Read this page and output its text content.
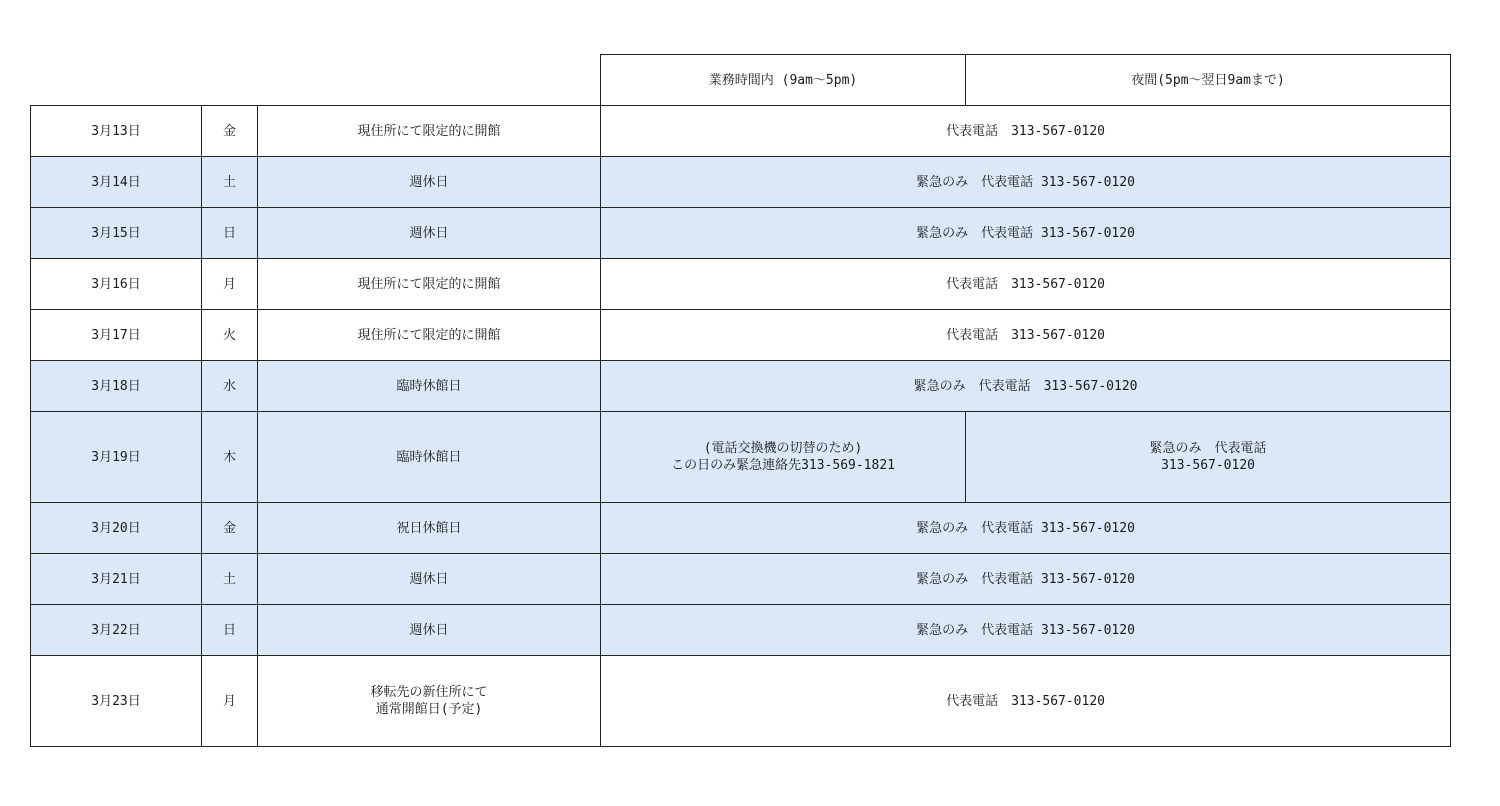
			業務時間内 (9am〜5pm)	夜間(5pm〜翌日9amまで)
3月13日	金	現住所にて限定的に開館	代表電話　313-567-0120	
3月14日	土	週休日	緊急のみ　代表電話 313-567-0120	
3月15日	日	週休日	緊急のみ　代表電話 313-567-0120	
3月16日	月	現住所にて限定的に開館	代表電話　313-567-0120	
3月17日	火	現住所にて限定的に開館	代表電話　313-567-0120	
3月18日	水	臨時休館日	緊急のみ　代表電話　313-567-0120	
3月19日	木	臨時休館日	(電話交換機の切替のため)
この日のみ緊急連絡先313-569-1821	緊急のみ　代表電話
313-567-0120

3月20日	金	祝日休館日	緊急のみ　代表電話 313-567-0120	
3月21日	土	週休日	緊急のみ　代表電話 313-567-0120	
3月22日	日	週休日	緊急のみ　代表電話 313-567-0120	
3月23日	月	移転先の新住所にて
通常開館日(予定)	代表電話　313-567-0120	
